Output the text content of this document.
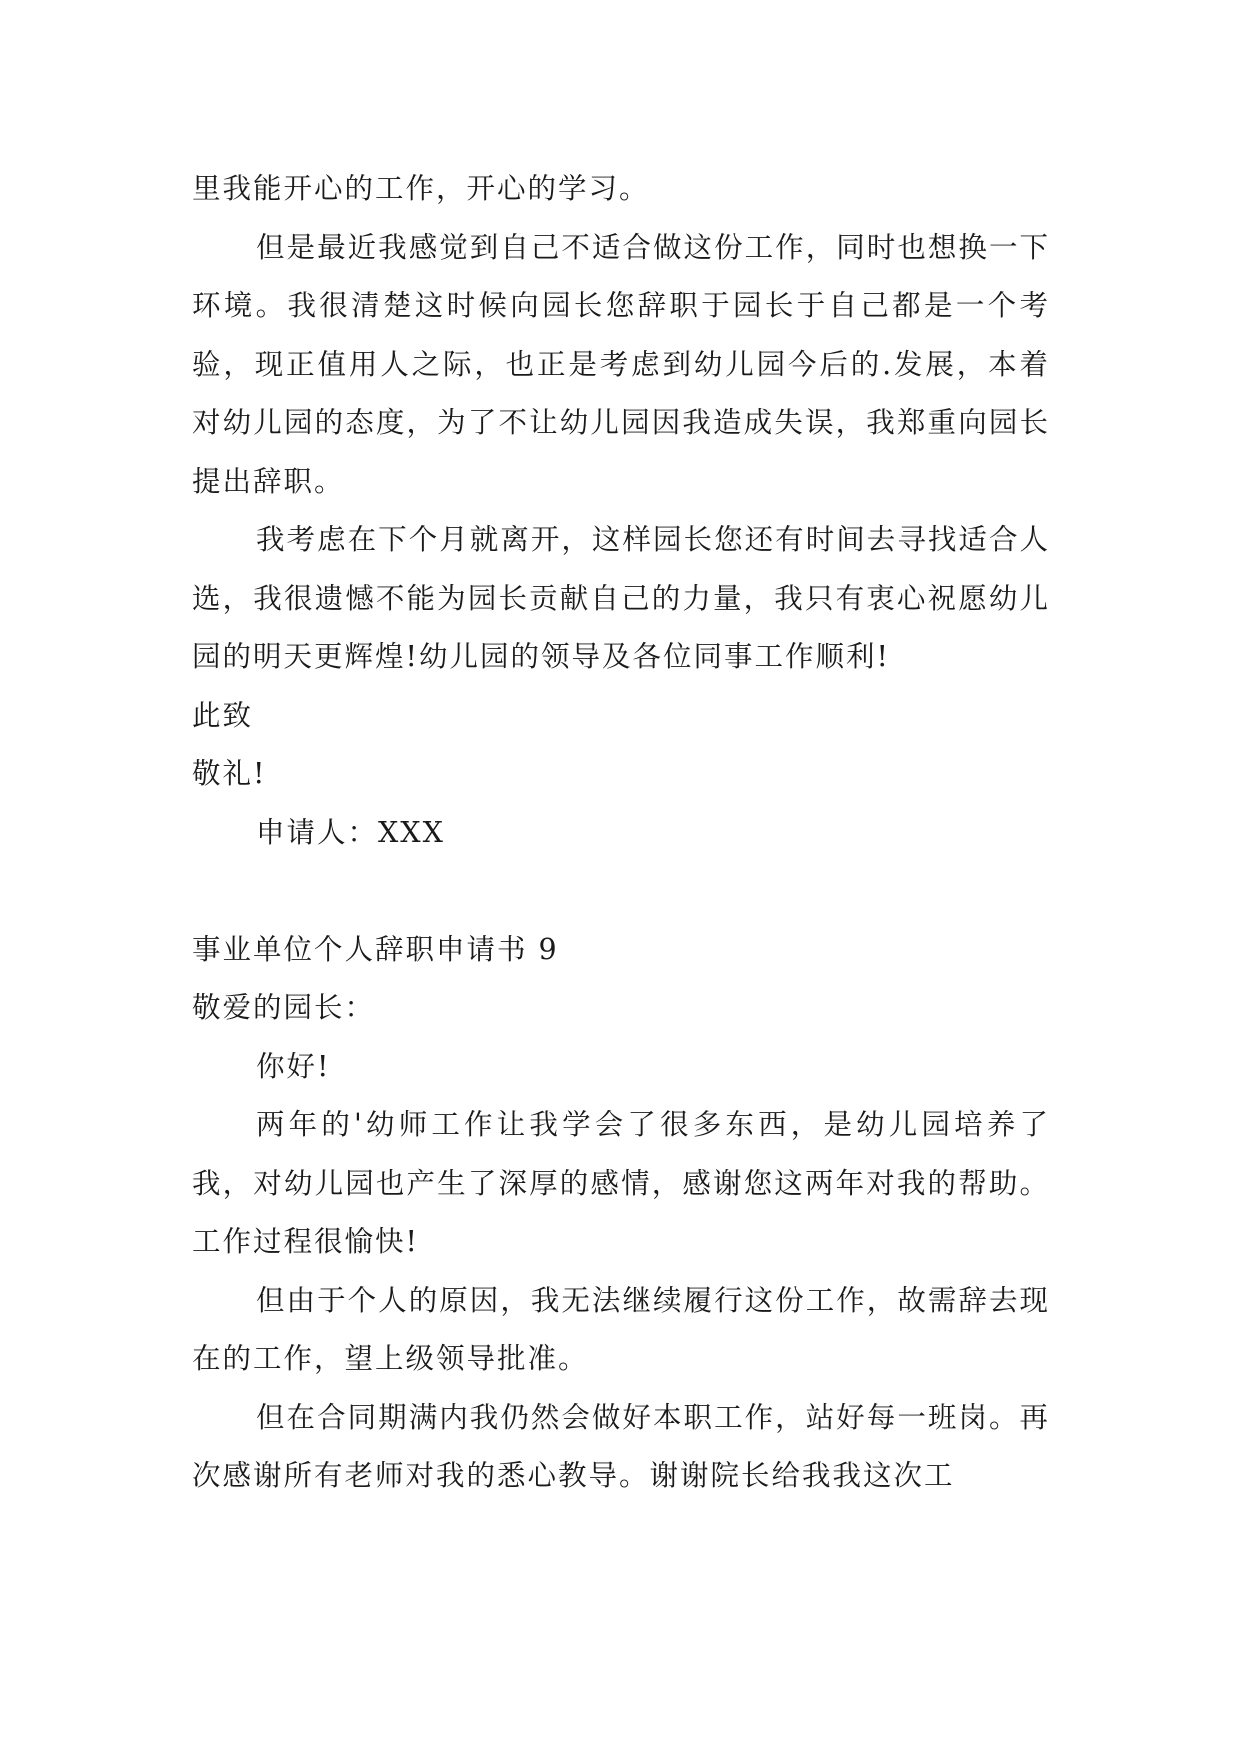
里我能开心的工作，开心的学习。

但是最近我感觉到自己不适合做这份工作，同时也想换一下环境。我很清楚这时候向园长您辞职于园长于自己都是一个考验，现正值用人之际，也正是考虑到幼儿园今后的.发展，本着对幼儿园的态度，为了不让幼儿园因我造成失误，我郑重向园长提出辞职。

我考虑在下个月就离开，这样园长您还有时间去寻找适合人选，我很遗憾不能为园长贡献自己的力量，我只有衷心祝愿幼儿园的明天更辉煌!幼儿园的领导及各位同事工作顺利!

此致

敬礼!

申请人：XXX

事业单位个人辞职申请书 9

敬爱的园长：

你好!

两年的'幼师工作让我学会了很多东西，是幼儿园培养了我，对幼儿园也产生了深厚的感情，感谢您这两年对我的帮助。工作过程很愉快!

但由于个人的原因，我无法继续履行这份工作，故需辞去现在的工作，望上级领导批准。

但在合同期满内我仍然会做好本职工作，站好每一班岗。再次感谢所有老师对我的悉心教导。谢谢院长给我我这次工
